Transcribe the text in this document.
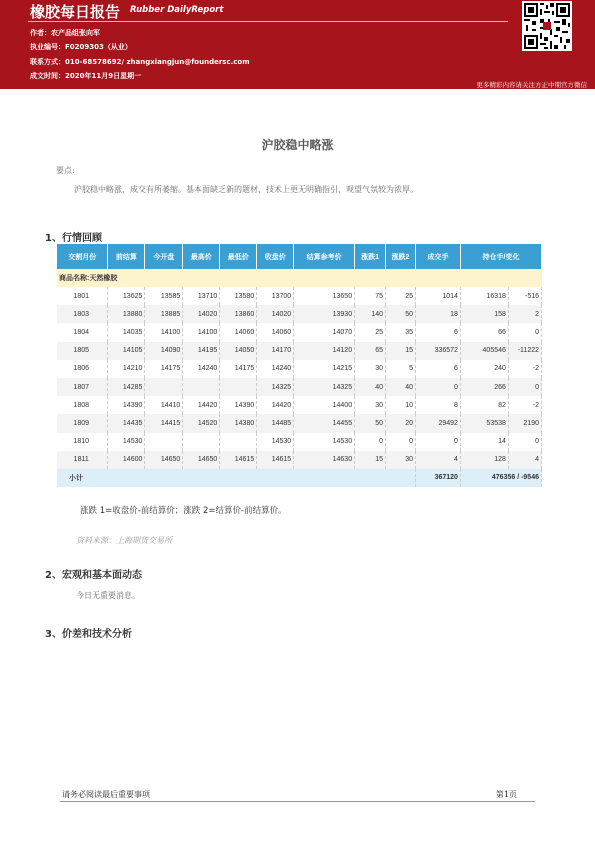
橡胶每日报告 Rubber DailyReport
作者：农产品组张向军
执业编号：F0209303（从业）
联系方式：010-68578692/ zhangxiangjun@foundersc.com
成文时间：2020年11月9日星期一
更多精彩内容请关注方正中期官方微信
沪胶稳中略涨
要点:
沪胶稳中略涨，成交有所萎缩。基本面缺乏新的题材，技术上更无明确指引，观望气氛较为浓厚。
1、行情回顾
交割月份	前结算	今开盘	最高价	最低价	收盘价	结算参考价	涨跌1	涨跌2	成交手	持仓手/变化	
商品名称:天然橡胶											
1801	13625	13585	13710	13580	13700	13650	75	25	1014	16318	-516
1803	13880	13885	14020	13860	14020	13930	140	50	18	158	2
1804	14035	14100	14100	14060	14060	14070	25	35	6	66	0
1805	14105	14090	14195	14050	14170	14120	65	15	336572	405546	-11222
1806	14210	14175	14240	14175	14240	14215	30	5	6	240	-2
1807	14285				14325	14325	40	40	0	266	0
1808	14390	14410	14420	14390	14420	14400	30	10	8	82	-2
1809	14435	14415	14520	14380	14485	14455	50	20	29492	53538	2190
1810	14530				14530	14530	0	0	0	14	0
1811	14600	14650	14650	14615	14615	14630	15	30	4	128	4
小计									367120	476356 / -9546	
涨跌 1=收盘价-前结算价；涨跌 2=结算价-前结算价。
资料来源：上海期货交易所
2、宏观和基本面动态
今日无重要消息。
3、价差和技术分析
请务必阅读最后重要事项	第1页
